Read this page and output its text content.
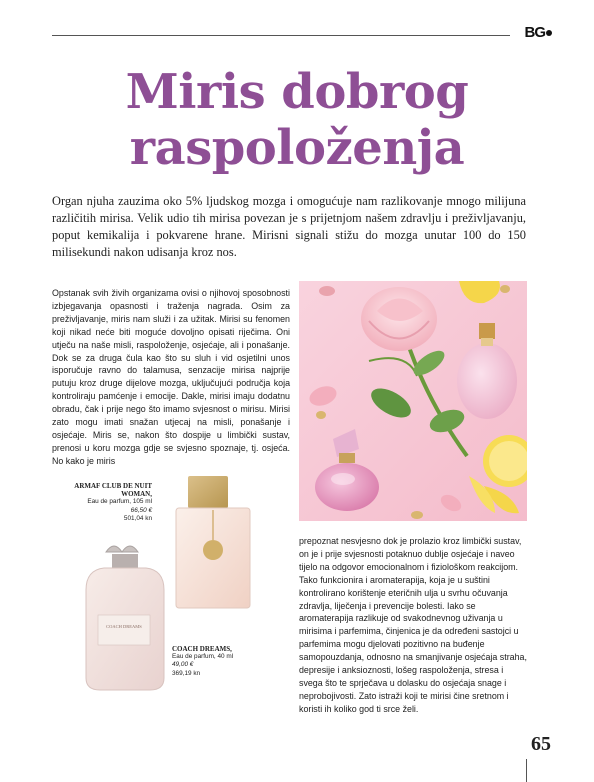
BG
Miris dobrog
raspoloženja
Organ njuha zauzima oko 5% ljudskog mozga i omogućuje nam razlikovanje mnogo milijuna različitih mirisa. Velik udio tih mirisa povezan je s prijetnjom našem zdravlju i preživljavanju, poput kemikalija i pokvarene hrane. Mirisni signali stižu do mozga unutar 100 do 150 milisekundi nakon udisanja kroz nos.
Opstanak svih živih organizama ovisi o njihovoj sposobnosti izbjegavanja opasnosti i traženja nagrada. Osim za preživljavanje, miris nam služi i za užitak. Mirisi su fenomen koji nikad neće biti moguće dovoljno opisati riječima. Oni utječu na naše misli, raspoloženje, osjećaje, ali i ponašanje. Dok se za druga čula kao što su sluh i vid osjetilni unos isporučuje ravno do talamusa, senzacije mirisa najprije putuju kroz druge dijelove mozga, uključujući područja koja kontroliraju pamćenje i emocije. Dakle, mirisi imaju dodatnu obradu, čak i prije nego što imamo svjesnost o mirisu. Mirisi zato mogu imati snažan utjecaj na misli, ponašanje i osjećaje. Miris se, nakon što dospije u limbički sustav, prenosi u koru mozga gdje se svjesno spoznaje, tj. osjeća. No kako je miris
COACH DREAMS
ARMAF CLUB DE NUIT WOMAN,
Eau de parfum, 105 ml
66,50 €
501,04 kn
COACH DREAMS,
Eau de parfum, 40 ml
49,00 €
369,19 kn

prepoznat nesvjesno dok je prolazio kroz limbički sustav, on je i prije svjesnosti potaknuo dublje osjećaje i naveo tijelo na odgovor emocionalnom i fiziološkom reakcijom.

Tako funkcionira i aromaterapija, koja je u suštini kontrolirano korištenje eteričnih ulja u svrhu očuvanja zdravlja, liječenja i prevencije bolesti. Iako se aromaterapija razlikuje od svakodnevnog uživanja u mirisima i parfemima, činjenica je da određeni sastojci u parfemima mogu djelovati pozitivno na buđenje samopouzdanja, odnosno na smanjivanje osjećaja straha, depresije i anksioznosti, lošeg raspoloženja, stresa i svega što te sprječava u dolasku do osjećaja snage i neprobojivosti. Zato istraži koji te mirisi čine sretnom i koristi ih koliko god ti srce želi.

65
